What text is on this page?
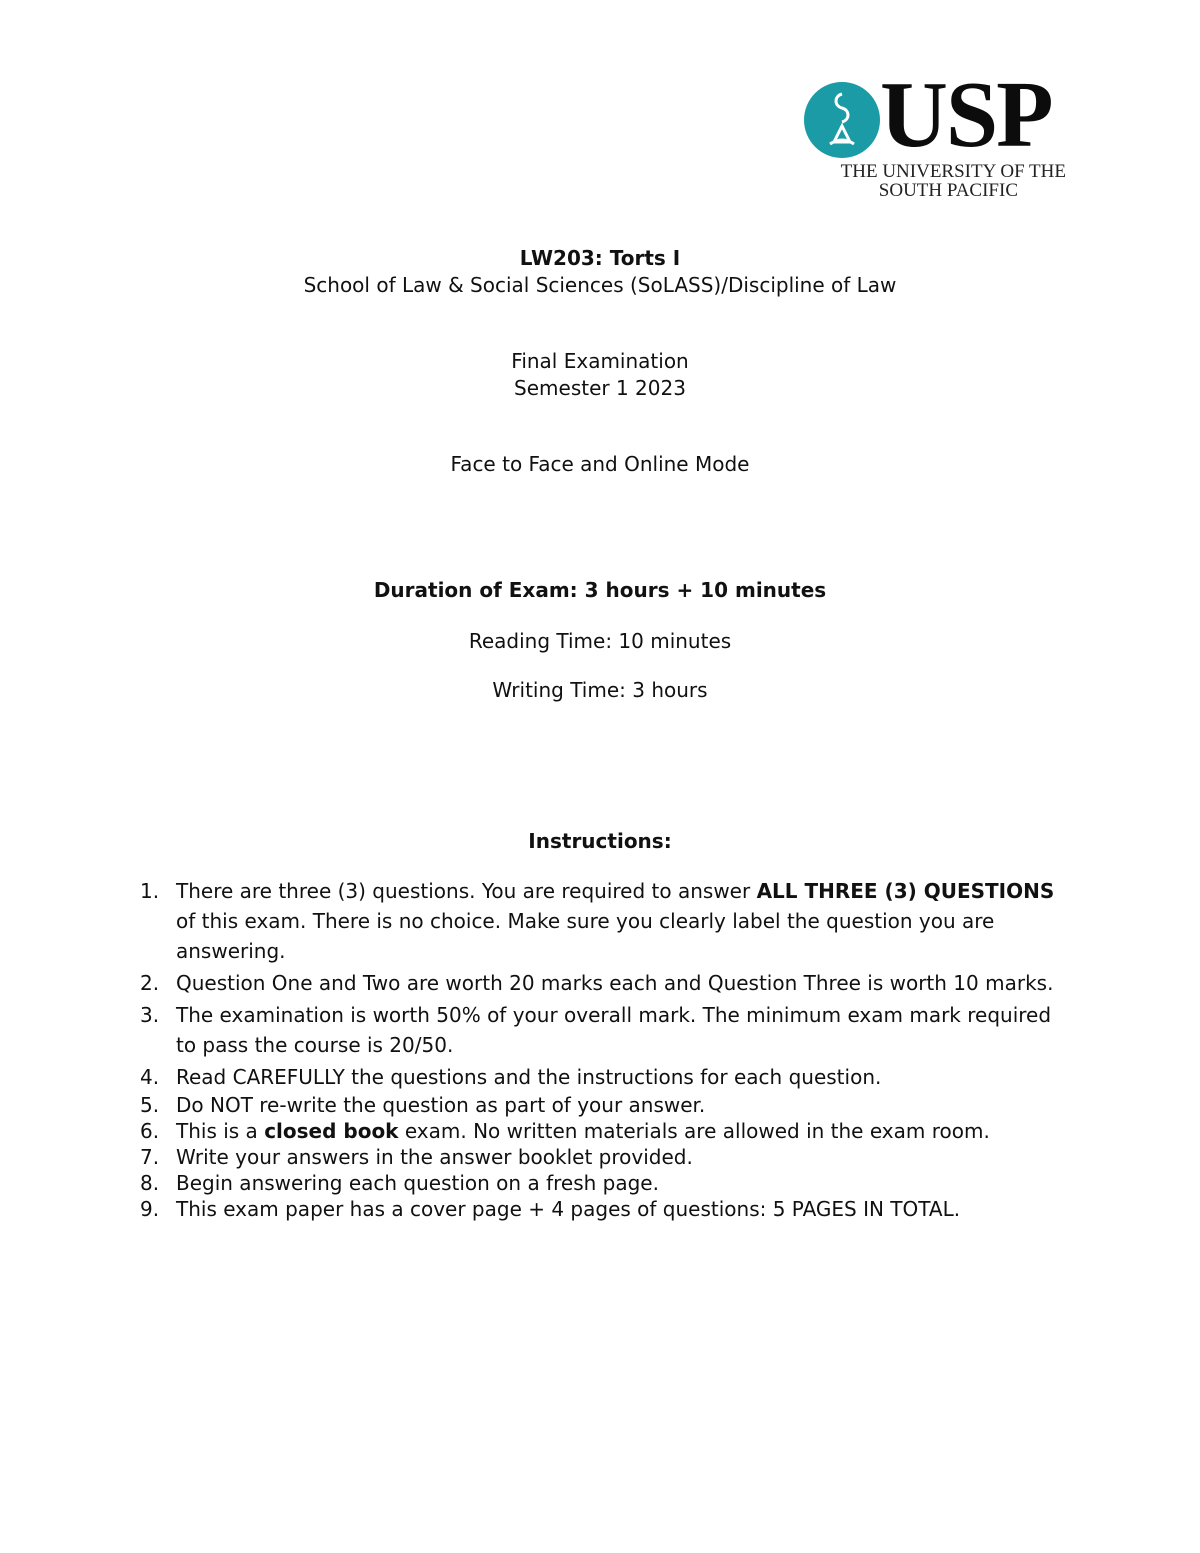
USP
THE UNIVERSITY OF THE
SOUTH PACIFIC
LW203: Torts I
School of Law & Social Sciences (SoLASS)/Discipline of Law
Final Examination
Semester 1 2023
Face to Face and Online Mode
Duration of Exam: 3 hours + 10 minutes
Reading Time: 10 minutes
Writing Time: 3 hours
Instructions:
1. There are three (3) questions. You are required to answer ALL THREE (3) QUESTIONS of this exam. There is no choice. Make sure you clearly label the question you are answering.
2. Question One and Two are worth 20 marks each and Question Three is worth 10 marks.
3. The examination is worth 50% of your overall mark. The minimum exam mark required to pass the course is 20/50.
4. Read CAREFULLY the questions and the instructions for each question.
5. Do NOT re-write the question as part of your answer.
6. This is a closed book exam. No written materials are allowed in the exam room.
7. Write your answers in the answer booklet provided.
8. Begin answering each question on a fresh page.
9. This exam paper has a cover page + 4 pages of questions: 5 PAGES IN TOTAL.
